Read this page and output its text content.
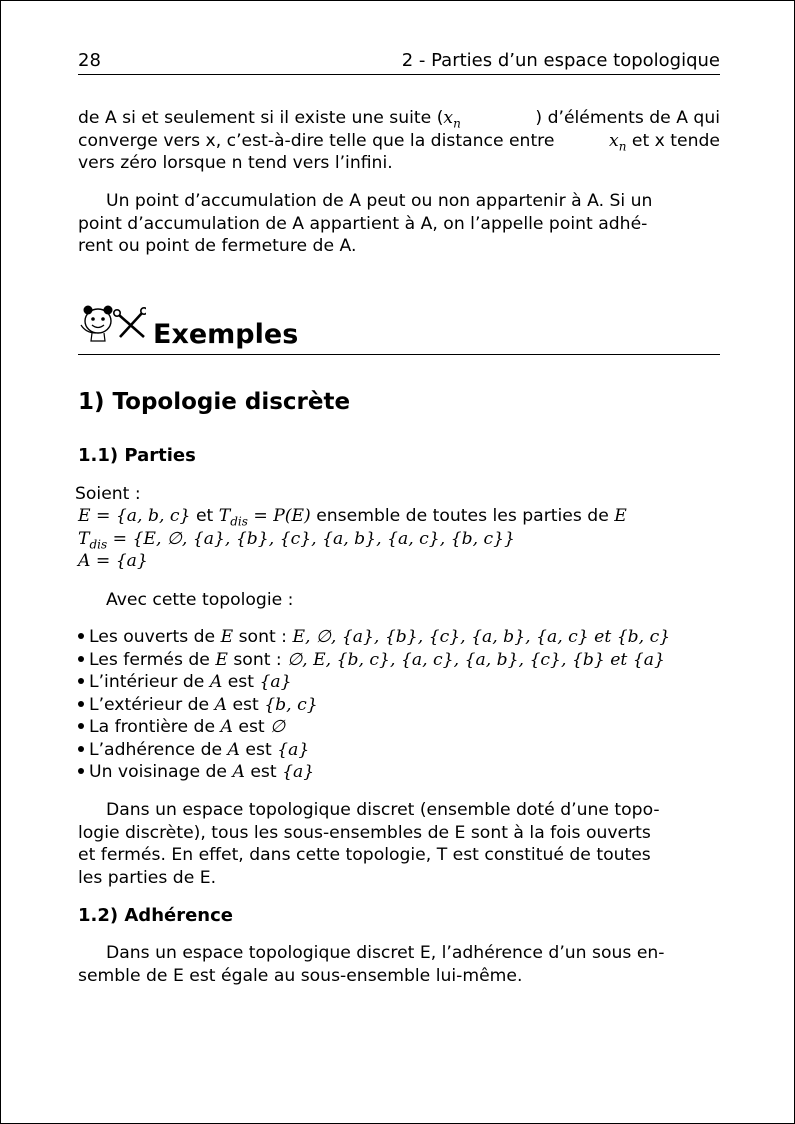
28	2 - Parties d’un espace topologique
de A si et seulement si il existe une suite ($x_n$	) d’éléments de A qui
converge vers x, c’est-à-dire telle que la distance entre	$x_n$ et x tende
vers zéro lorsque n tend vers l’infini.
Un point d’accumulation de A peut ou non appartenir à A. Si un
point d’accumulation de A appartient à A, on l’appelle point adhé-
rent ou point de fermeture de A.
Exemples
1) Topologie discrète
1.1) Parties
Soient :
E = {a, b, c} et $T_{dis} = P(E)$ ensemble de toutes les parties de E
$T_{dis} = \{E$, ∅, {a}, {b}, {c}, {a, b}, {a, c}, {b, c}}
A = {a}
Avec cette topologie :
Les ouverts de E sont : E, ∅, {a}, {b}, {c}, {a, b}, {a, c} et {b, c}
Les fermés de E sont : ∅, E, {b, c}, {a, c}, {a, b}, {c}, {b} et {a}
L’intérieur de A est {a}
L’extérieur de A est {b, c}
La frontière de A est ∅
L’adhérence de A est {a}
Un voisinage de A est {a}
Dans un espace topologique discret (ensemble doté d’une topo-
logie discrète), tous les sous-ensembles de E sont à la fois ouverts
et fermés. En effet, dans cette topologie, T est constitué de toutes
les parties de E.
1.2) Adhérence
Dans un espace topologique discret E, l’adhérence d’un sous en-
semble de E est égale au sous-ensemble lui-même.
